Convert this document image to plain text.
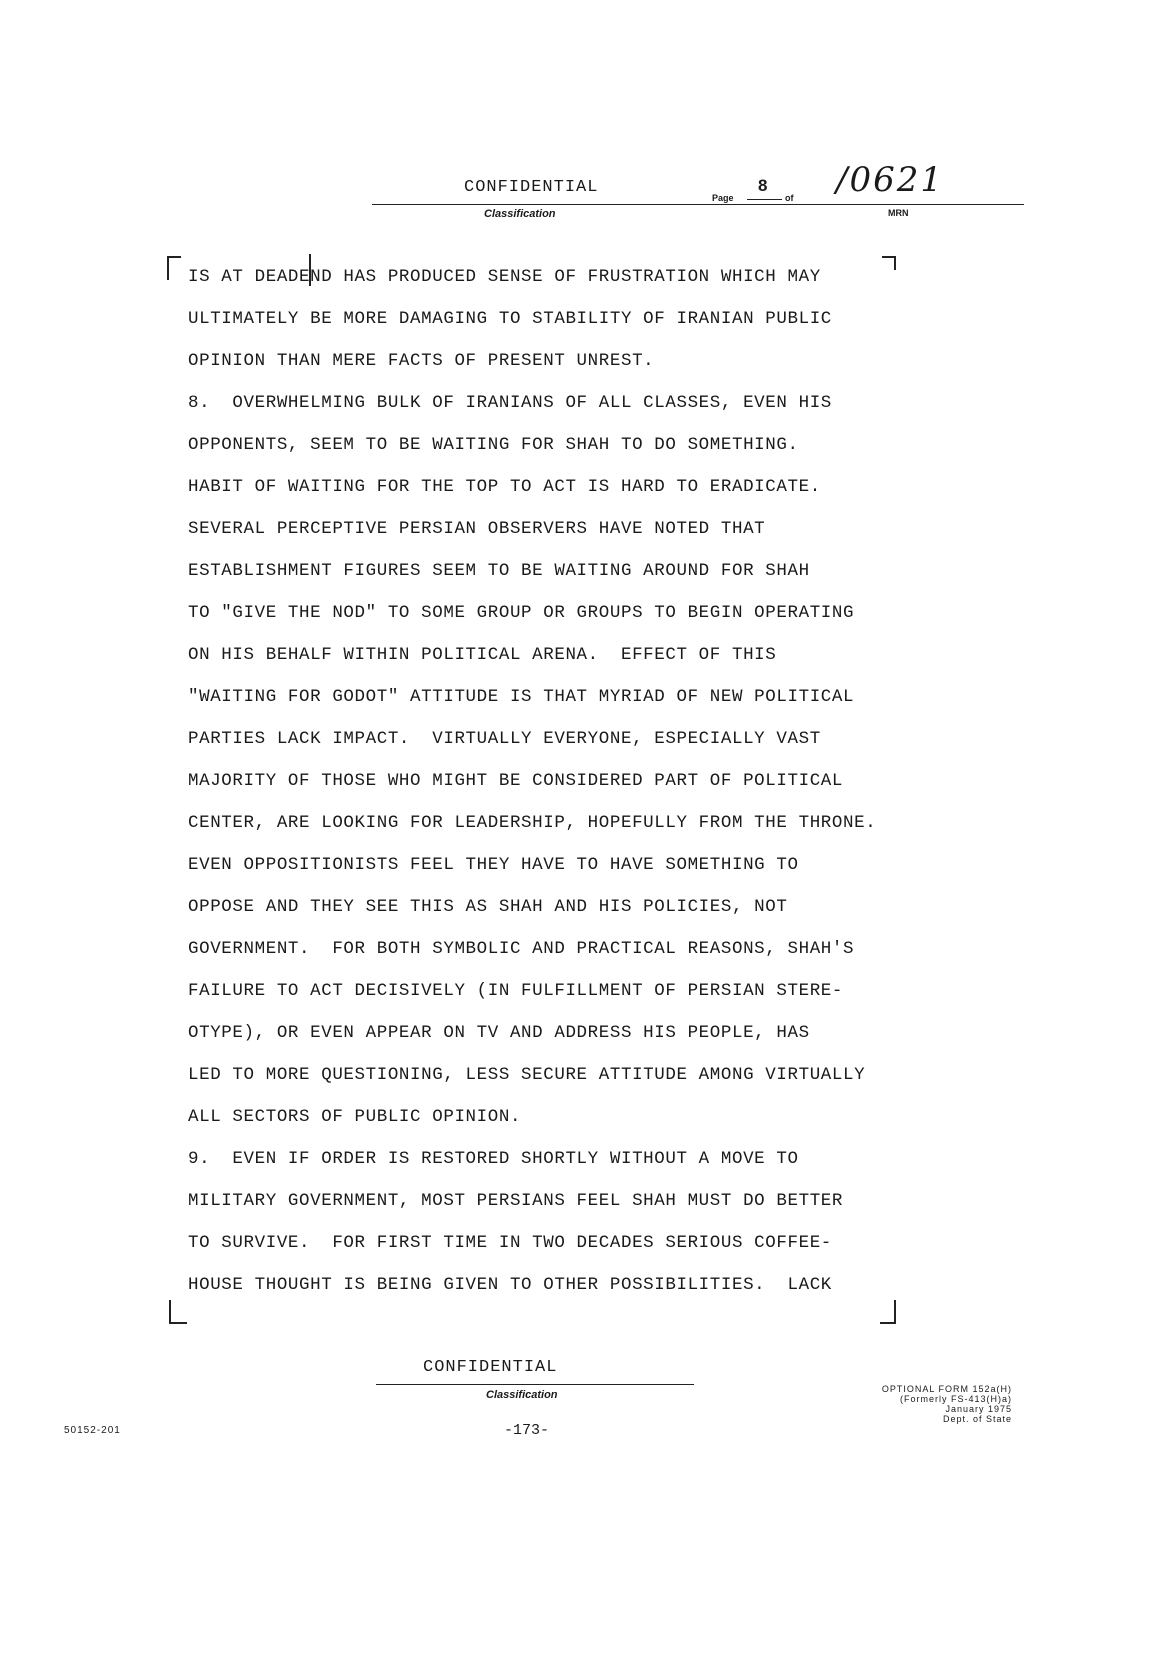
CONFIDENTIAL
Classification
Page
8
of /0621
MRN
IS AT DEADEND HAS PRODUCED SENSE OF FRUSTRATION WHICH MAY
ULTIMATELY BE MORE DAMAGING TO STABILITY OF IRANIAN PUBLIC
OPINION THAN MERE FACTS OF PRESENT UNREST.
8.  OVERWHELMING BULK OF IRANIANS OF ALL CLASSES, EVEN HIS
OPPONENTS, SEEM TO BE WAITING FOR SHAH TO DO SOMETHING.
HABIT OF WAITING FOR THE TOP TO ACT IS HARD TO ERADICATE.
SEVERAL PERCEPTIVE PERSIAN OBSERVERS HAVE NOTED THAT
ESTABLISHMENT FIGURES SEEM TO BE WAITING AROUND FOR SHAH
TO "GIVE THE NOD" TO SOME GROUP OR GROUPS TO BEGIN OPERATING
ON HIS BEHALF WITHIN POLITICAL ARENA.  EFFECT OF THIS
"WAITING FOR GODOT" ATTITUDE IS THAT MYRIAD OF NEW POLITICAL
PARTIES LACK IMPACT.  VIRTUALLY EVERYONE, ESPECIALLY VAST
MAJORITY OF THOSE WHO MIGHT BE CONSIDERED PART OF POLITICAL
CENTER, ARE LOOKING FOR LEADERSHIP, HOPEFULLY FROM THE THRONE.
EVEN OPPOSITIONISTS FEEL THEY HAVE TO HAVE SOMETHING TO
OPPOSE AND THEY SEE THIS AS SHAH AND HIS POLICIES, NOT
GOVERNMENT.  FOR BOTH SYMBOLIC AND PRACTICAL REASONS, SHAH'S
FAILURE TO ACT DECISIVELY (IN FULFILLMENT OF PERSIAN STERE-
OTYPE), OR EVEN APPEAR ON TV AND ADDRESS HIS PEOPLE, HAS
LED TO MORE QUESTIONING, LESS SECURE ATTITUDE AMONG VIRTUALLY
ALL SECTORS OF PUBLIC OPINION.
9.  EVEN IF ORDER IS RESTORED SHORTLY WITHOUT A MOVE TO
MILITARY GOVERNMENT, MOST PERSIANS FEEL SHAH MUST DO BETTER
TO SURVIVE.  FOR FIRST TIME IN TWO DECADES SERIOUS COFFEE-
HOUSE THOUGHT IS BEING GIVEN TO OTHER POSSIBILITIES.  LACK
CONFIDENTIAL
Classification
-173-
OPTIONAL FORM 152a(H)
(Formerly FS-413(H)a)
January 1975
Dept. of State
50152-201
